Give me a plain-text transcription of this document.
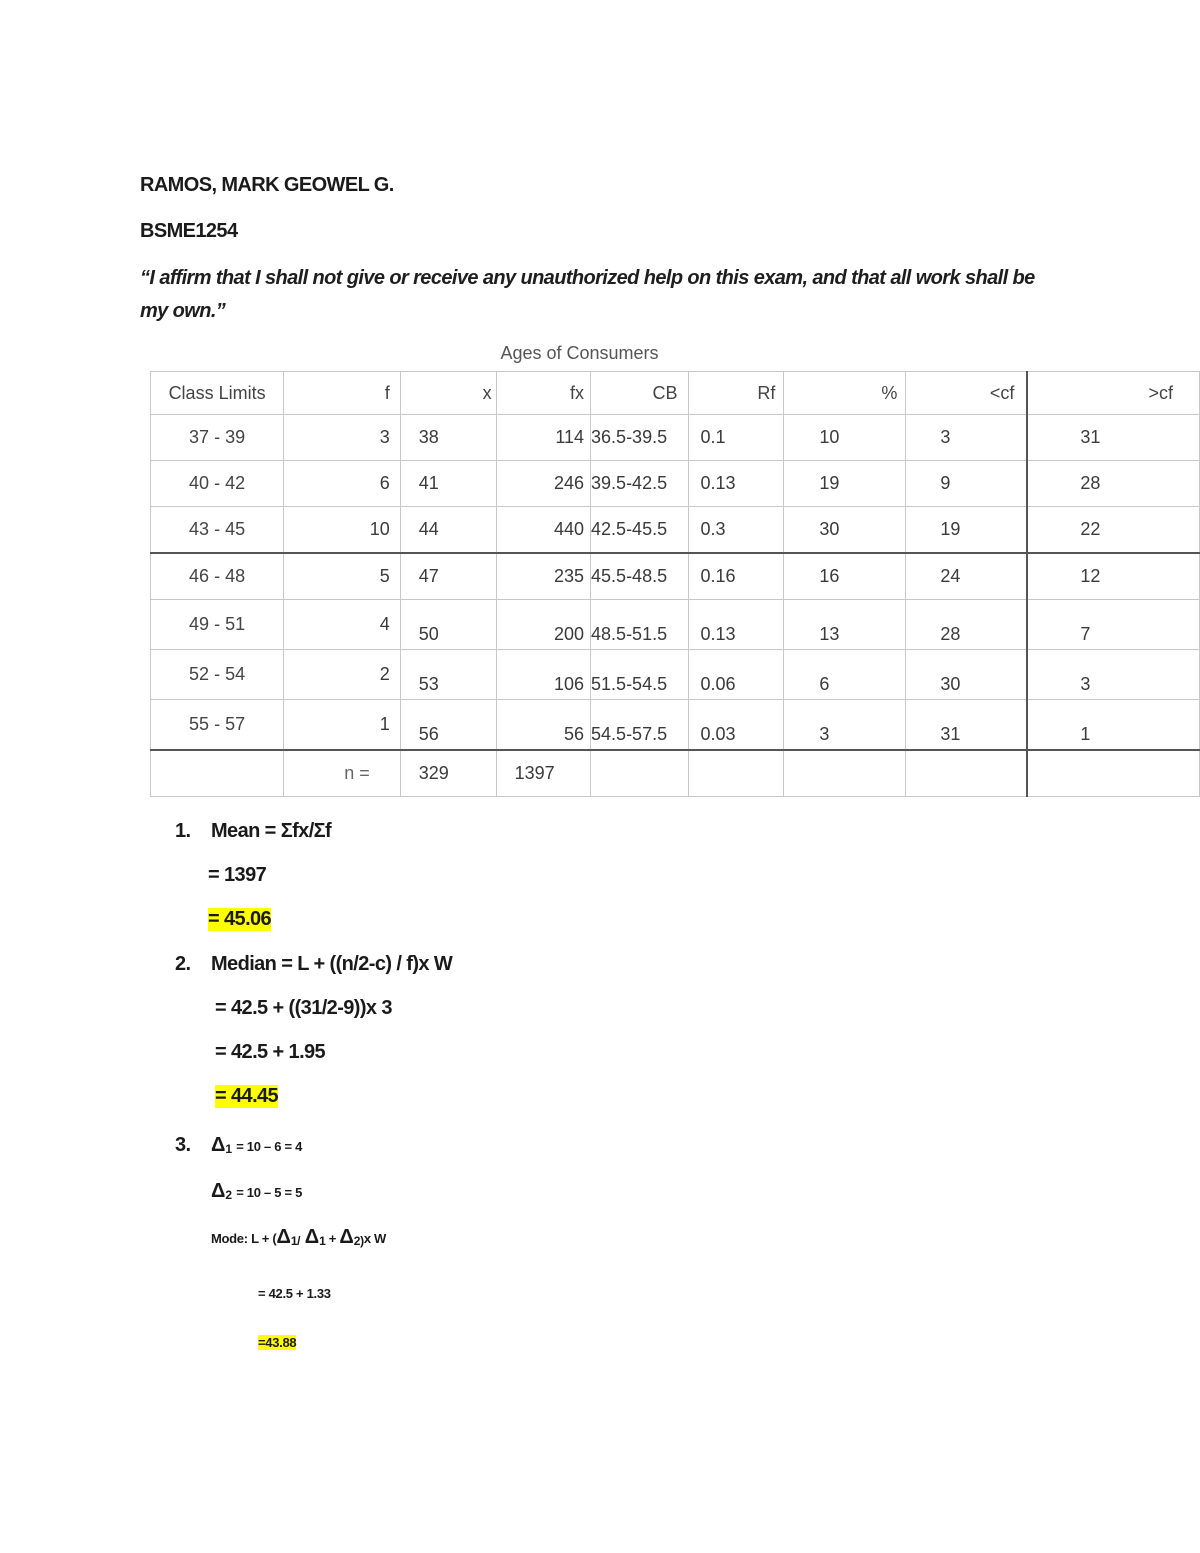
RAMOS, MARK GEOWEL G.
BSME1254
“I affirm that I shall not give or receive any unauthorized help on this exam, and that all work shall be my own.”
Ages of Consumers
Class Limits	f	x	fx	CB	Rf	%	<cf	>cf
37 - 39	3	38	114	36.5-39.5	0.1	10	3	31
40 - 42	6	41	246	39.5-42.5	0.13	19	9	28
43 - 45	10	44	440	42.5-45.5	0.3	30	19	22
46 - 48	5	47	235	45.5-48.5	0.16	16	24	12
49 - 51	4	50	200	48.5-51.5	0.13	13	28	7
52 - 54	2	53	106	51.5-54.5	0.06	6	30	3
55 - 57	1	56	56	54.5-57.5	0.03	3	31	1
	n =	329	1397					
1. Mean = Σfx/Σf
= 1397
= 45.06
2. Median = L + ((n/2-c) / f)x W
= 42.5 + ((31/2-9))x 3
= 42.5 + 1.95
= 44.45
3. $\Delta_1 = 10 - 6 = 4$
$\Delta_2 = 10 - 5 = 5$
Mode: $L + (\Delta_{1/}$ $\Delta_1 + \Delta_{2)}x$ W
= 42.5 + 1.33
=43.88
